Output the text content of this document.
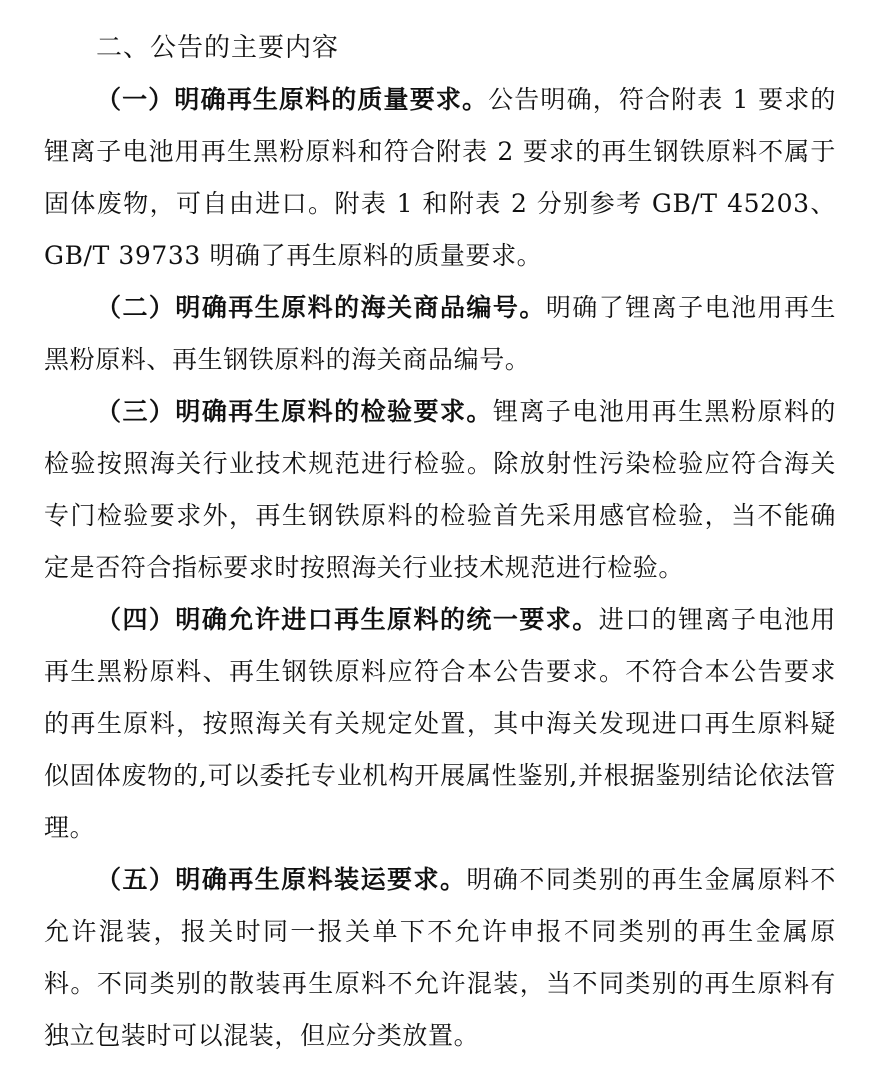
二、公告的主要内容

（一）明确再生原料的质量要求。公告明确，符合附表 1 要求的锂离子电池用再生黑粉原料和符合附表 2 要求的再生钢铁原料不属于固体废物，可自由进口。附表 1 和附表 2 分别参考 GB/T 45203、GB/T 39733 明确了再生原料的质量要求。

（二）明确再生原料的海关商品编号。明确了锂离子电池用再生黑粉原料、再生钢铁原料的海关商品编号。

（三）明确再生原料的检验要求。锂离子电池用再生黑粉原料的检验按照海关行业技术规范进行检验。除放射性污染检验应符合海关专门检验要求外，再生钢铁原料的检验首先采用感官检验，当不能确定是否符合指标要求时按照海关行业技术规范进行检验。

（四）明确允许进口再生原料的统一要求。进口的锂离子电池用再生黑粉原料、再生钢铁原料应符合本公告要求。不符合本公告要求的再生原料，按照海关有关规定处置，其中海关发现进口再生原料疑似固体废物的,可以委托专业机构开展属性鉴别,并根据鉴别结论依法管理。

（五）明确再生原料装运要求。明确不同类别的再生金属原料不允许混装，报关时同一报关单下不允许申报不同类别的再生金属原料。不同类别的散装再生原料不允许混装，当不同类别的再生原料有独立包装时可以混装，但应分类放置。
